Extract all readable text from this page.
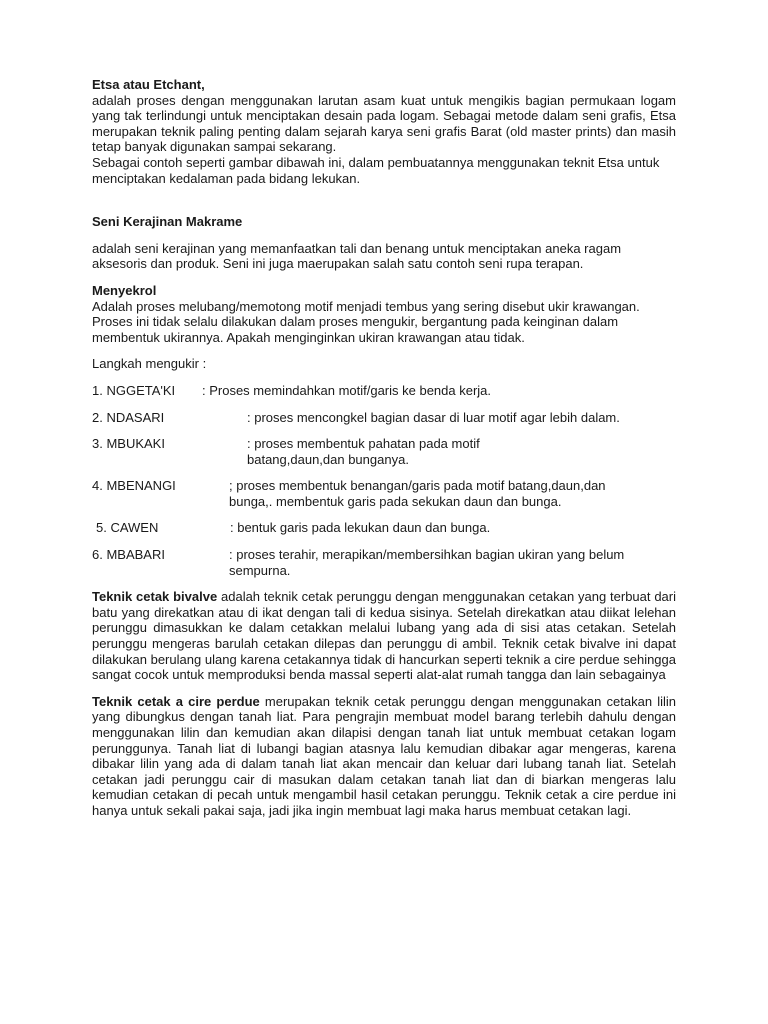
Etsa atau Etchant,

adalah proses dengan menggunakan larutan asam kuat untuk mengikis bagian permukaan logam yang tak terlindungi untuk menciptakan desain pada logam. Sebagai metode dalam seni grafis, Etsa merupakan teknik paling penting dalam sejarah karya seni grafis Barat (old master prints) dan masih tetap banyak digunakan sampai sekarang.

Sebagai contoh seperti gambar dibawah ini, dalam pembuatannya menggunakan teknit Etsa untuk menciptakan kedalaman pada bidang lekukan.

Seni Kerajinan Makrame

adalah seni kerajinan yang memanfaatkan tali dan benang untuk menciptakan aneka ragam aksesoris dan produk. Seni ini juga maerupakan salah satu contoh seni rupa terapan.

Menyekrol

Adalah proses melubang/memotong motif menjadi tembus yang sering disebut ukir krawangan. Proses ini tidak selalu dilakukan dalam proses mengukir, bergantung pada keinginan dalam membentuk ukirannya. Apakah menginginkan ukiran krawangan atau tidak.

Langkah mengukir :

1. NGGETA'KI : Proses memindahkan motif/garis ke benda kerja.
2. NDASARI	: proses mencongkel bagian dasar di luar motif agar lebih dalam.
3. MBUKAKI	: proses membentuk pahatan pada motif batang,daun,dan bunganya.
4. MBENANGI	; proses membentuk benangan/garis pada motif batang,daun,dan bunga,. membentuk garis pada sekukan daun dan bunga.
5. CAWEN	: bentuk garis pada lekukan daun dan bunga.
6. MBABARI	: proses terahir, merapikan/membersihkan bagian ukiran yang belum sempurna.

Teknik cetak bivalve adalah teknik cetak perunggu dengan menggunakan cetakan yang terbuat dari batu yang direkatkan atau di ikat dengan tali di kedua sisinya. Setelah direkatkan atau diikat lelehan perunggu dimasukkan ke dalam cetakkan melalui lubang yang ada di sisi atas cetakan. Setelah perunggu mengeras barulah cetakan dilepas dan perunggu di ambil. Teknik cetak bivalve ini dapat dilakukan berulang ulang karena cetakannya tidak di hancurkan seperti teknik a cire perdue sehingga sangat cocok untuk memproduksi benda massal seperti alat-alat rumah tangga dan lain sebagainya

Teknik cetak a cire perdue merupakan teknik cetak perunggu dengan menggunakan cetakan lilin yang dibungkus dengan tanah liat. Para pengrajin membuat model barang terlebih dahulu dengan menggunakan lilin dan kemudian akan dilapisi dengan tanah liat untuk membuat cetakan logam perunggunya. Tanah liat di lubangi bagian atasnya lalu kemudian dibakar agar mengeras, karena dibakar lilin yang ada di dalam tanah liat akan mencair dan keluar dari lubang tanah liat. Setelah cetakan jadi perunggu cair di masukan dalam cetakan tanah liat dan di biarkan mengeras lalu kemudian cetakan di pecah untuk mengambil hasil cetakan perunggu. Teknik cetak a cire perdue ini hanya untuk sekali pakai saja, jadi jika ingin membuat lagi maka harus membuat cetakan lagi.
